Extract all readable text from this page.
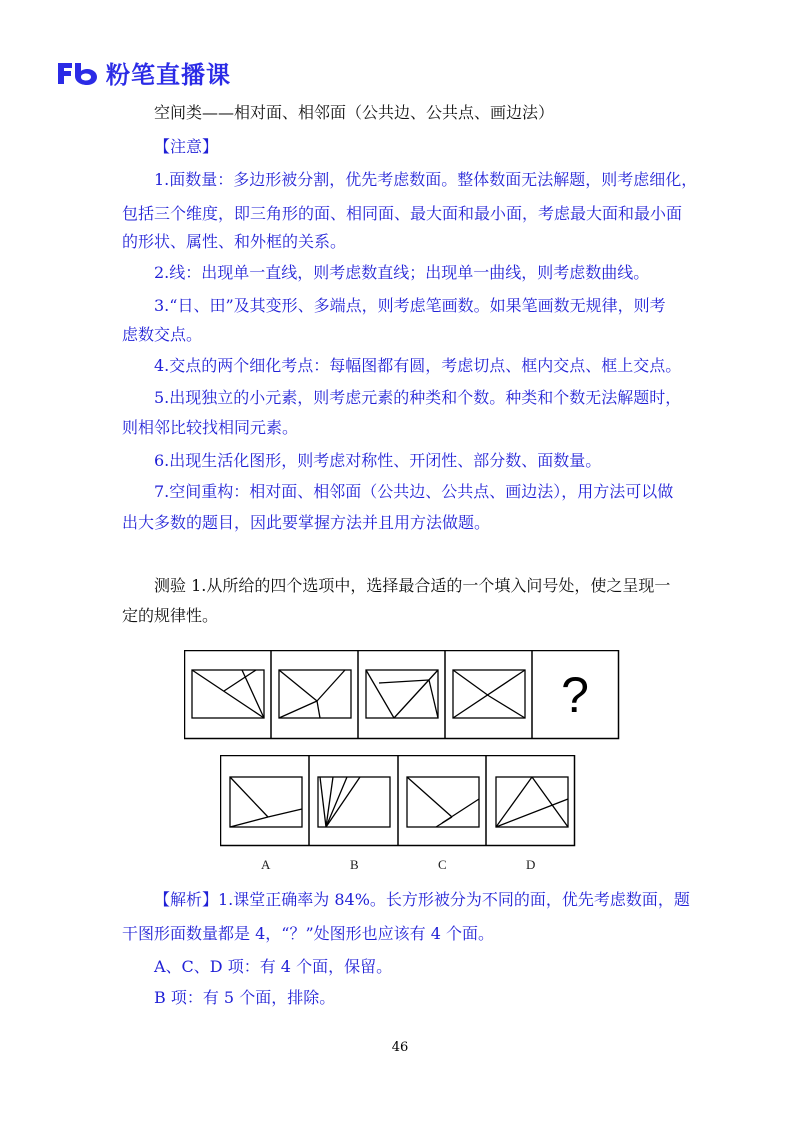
粉笔直播课
空间类——相对面、相邻面（公共边、公共点、画边法）
【注意】
1.面数量：多边形被分割，优先考虑数面。整体数面无法解题，则考虑细化，
包括三个维度，即三角形的面、相同面、最大面和最小面，考虑最大面和最小面
的形状、属性、和外框的关系。
2.线：出现单一直线，则考虑数直线；出现单一曲线，则考虑数曲线。
3.“日、田”及其变形、多端点，则考虑笔画数。如果笔画数无规律，则考
虑数交点。
4.交点的两个细化考点：每幅图都有圆，考虑切点、框内交点、框上交点。
5.出现独立的小元素，则考虑元素的种类和个数。种类和个数无法解题时，
则相邻比较找相同元素。
6.出现生活化图形，则考虑对称性、开闭性、部分数、面数量。
7.空间重构：相对面、相邻面（公共边、公共点、画边法），用方法可以做
出大多数的题目，因此要掌握方法并且用方法做题。
测验 1.从所给的四个选项中，选择最合适的一个填入问号处，使之呈现一
定的规律性。
?
A	B	C	D
【解析】1.课堂正确率为 84%。长方形被分为不同的面，优先考虑数面，题
干图形面数量都是 4，“？”处图形也应该有 4 个面。
A、C、D 项：有 4 个面，保留。
B 项：有 5 个面，排除。
46
